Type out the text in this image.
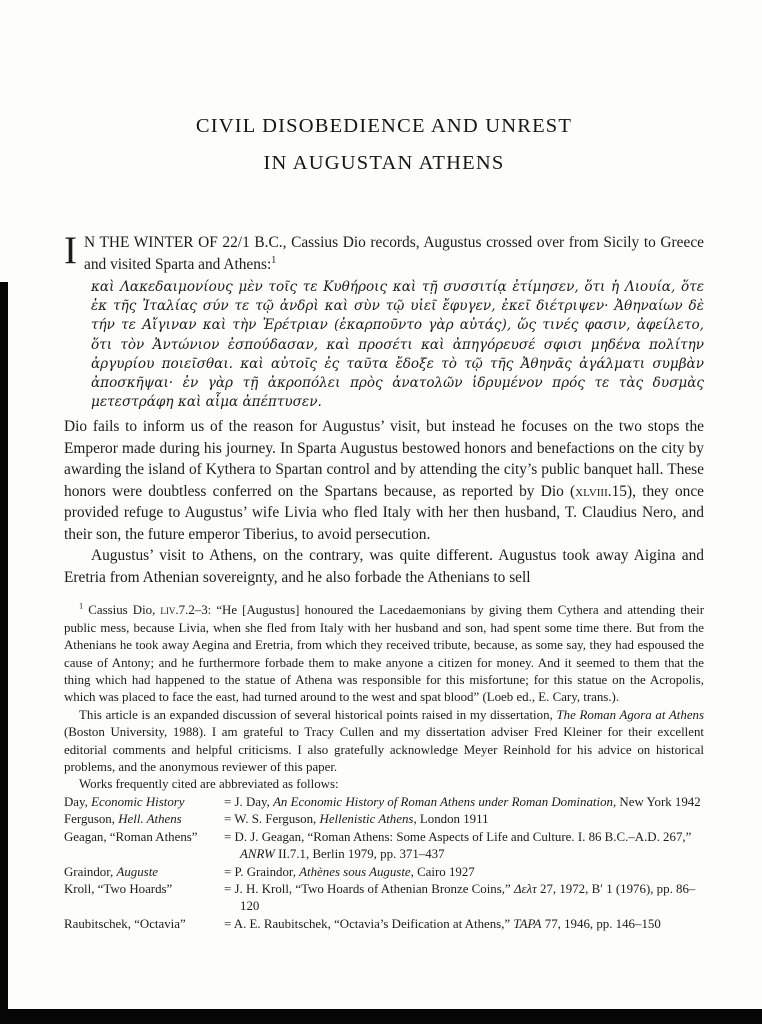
CIVIL DISOBEDIENCE AND UNREST
IN AUGUSTAN ATHENS

I N THE WINTER OF 22/1 B.C., Cassius Dio records, Augustus crossed over from Sicily to Greece and visited Sparta and Athens:$^1$

καὶ Λακεδαιμονίους μὲν τοῖς τε Κυθήροις καὶ τῇ συσσιτίᾳ ἐτίμησεν, ὅτι ἡ Λιουία, ὅτε ἐκ τῆς Ἰταλίας σύν τε τῷ ἀνδρὶ καὶ σὺν τῷ υἱεῖ ἔφυγεν, ἐκεῖ διέτριψεν· Ἀθηναίων δὲ τήν τε Αἴγιναν καὶ τὴν Ἐρέτριαν (ἐκαρποῦντο γὰρ αὐτάς), ὥς τινές φασιν, ἀφείλετο, ὅτι τὸν Ἀντώνιον ἐσπούδασαν, καὶ προσέτι καὶ ἀπηγόρευσέ σφισι μηδένα πολίτην ἀργυρίου ποιεῖσθαι. καὶ αὐτοῖς ἐς ταῦτα ἔδοξε τὸ τῷ τῆς Ἀθηνᾶς ἀγάλματι συμβὰν ἀποσκῆψαι· ἐν γὰρ τῇ ἀκροπόλει πρὸς ἀνατολῶν ἱδρυμένον πρός τε τὰς δυσμὰς μετεστράφη καὶ αἷμα ἀπέπτυσεν.

Dio fails to inform us of the reason for Augustus’ visit, but instead he focuses on the two stops the Emperor made during his journey. In Sparta Augustus bestowed honors and benefactions on the city by awarding the island of Kythera to Spartan control and by attending the city’s public banquet hall. These honors were doubtless conferred on the Spartans because, as reported by Dio (xlviii.15), they once provided refuge to Augustus’ wife Livia who fled Italy with her then husband, T. Claudius Nero, and their son, the future emperor Tiberius, to avoid persecution.

Augustus’ visit to Athens, on the contrary, was quite different. Augustus took away Aigina and Eretria from Athenian sovereignty, and he also forbade the Athenians to sell

$^1$ Cassius Dio, liv.7.2–3: “He [Augustus] honoured the Lacedaemonians by giving them Cythera and attending their public mess, because Livia, when she fled from Italy with her husband and son, had spent some time there. But from the Athenians he took away Aegina and Eretria, from which they received tribute, because, as some say, they had espoused the cause of Antony; and he furthermore forbade them to make anyone a citizen for money. And it seemed to them that the thing which had happened to the statue of Athena was responsible for this misfortune; for this statue on the Acropolis, which was placed to face the east, had turned around to the west and spat blood” (Loeb ed., E. Cary, trans.).

This article is an expanded discussion of several historical points raised in my dissertation, The Roman Agora at Athens (Boston University, 1988). I am grateful to Tracy Cullen and my dissertation adviser Fred Kleiner for their excellent editorial comments and helpful criticisms. I also gratefully acknowledge Meyer Reinhold for his advice on historical problems, and the anonymous reviewer of this paper.

Works frequently cited are abbreviated as follows:

Day, Economic History	= J. Day, An Economic History of Roman Athens under Roman Domination, New York 1942
Ferguson, Hell. Athens	= W. S. Ferguson, Hellenistic Athens, London 1911
Geagan, “Roman Athens”	= D. J. Geagan, “Roman Athens: Some Aspects of Life and Culture. I. 86 B.C.–A.D. 267,” ANRW II.7.1, Berlin 1979, pp. 371–437
Graindor, Auguste	= P. Graindor, Athènes sous Auguste, Cairo 1927
Kroll, “Two Hoards”	= J. H. Kroll, “Two Hoards of Athenian Bronze Coins,” Δελτ 27, 1972, Β′ 1 (1976), pp. 86–120
Raubitschek, “Octavia”	= A. E. Raubitschek, “Octavia’s Deification at Athens,” TAPA 77, 1946, pp. 146–150
